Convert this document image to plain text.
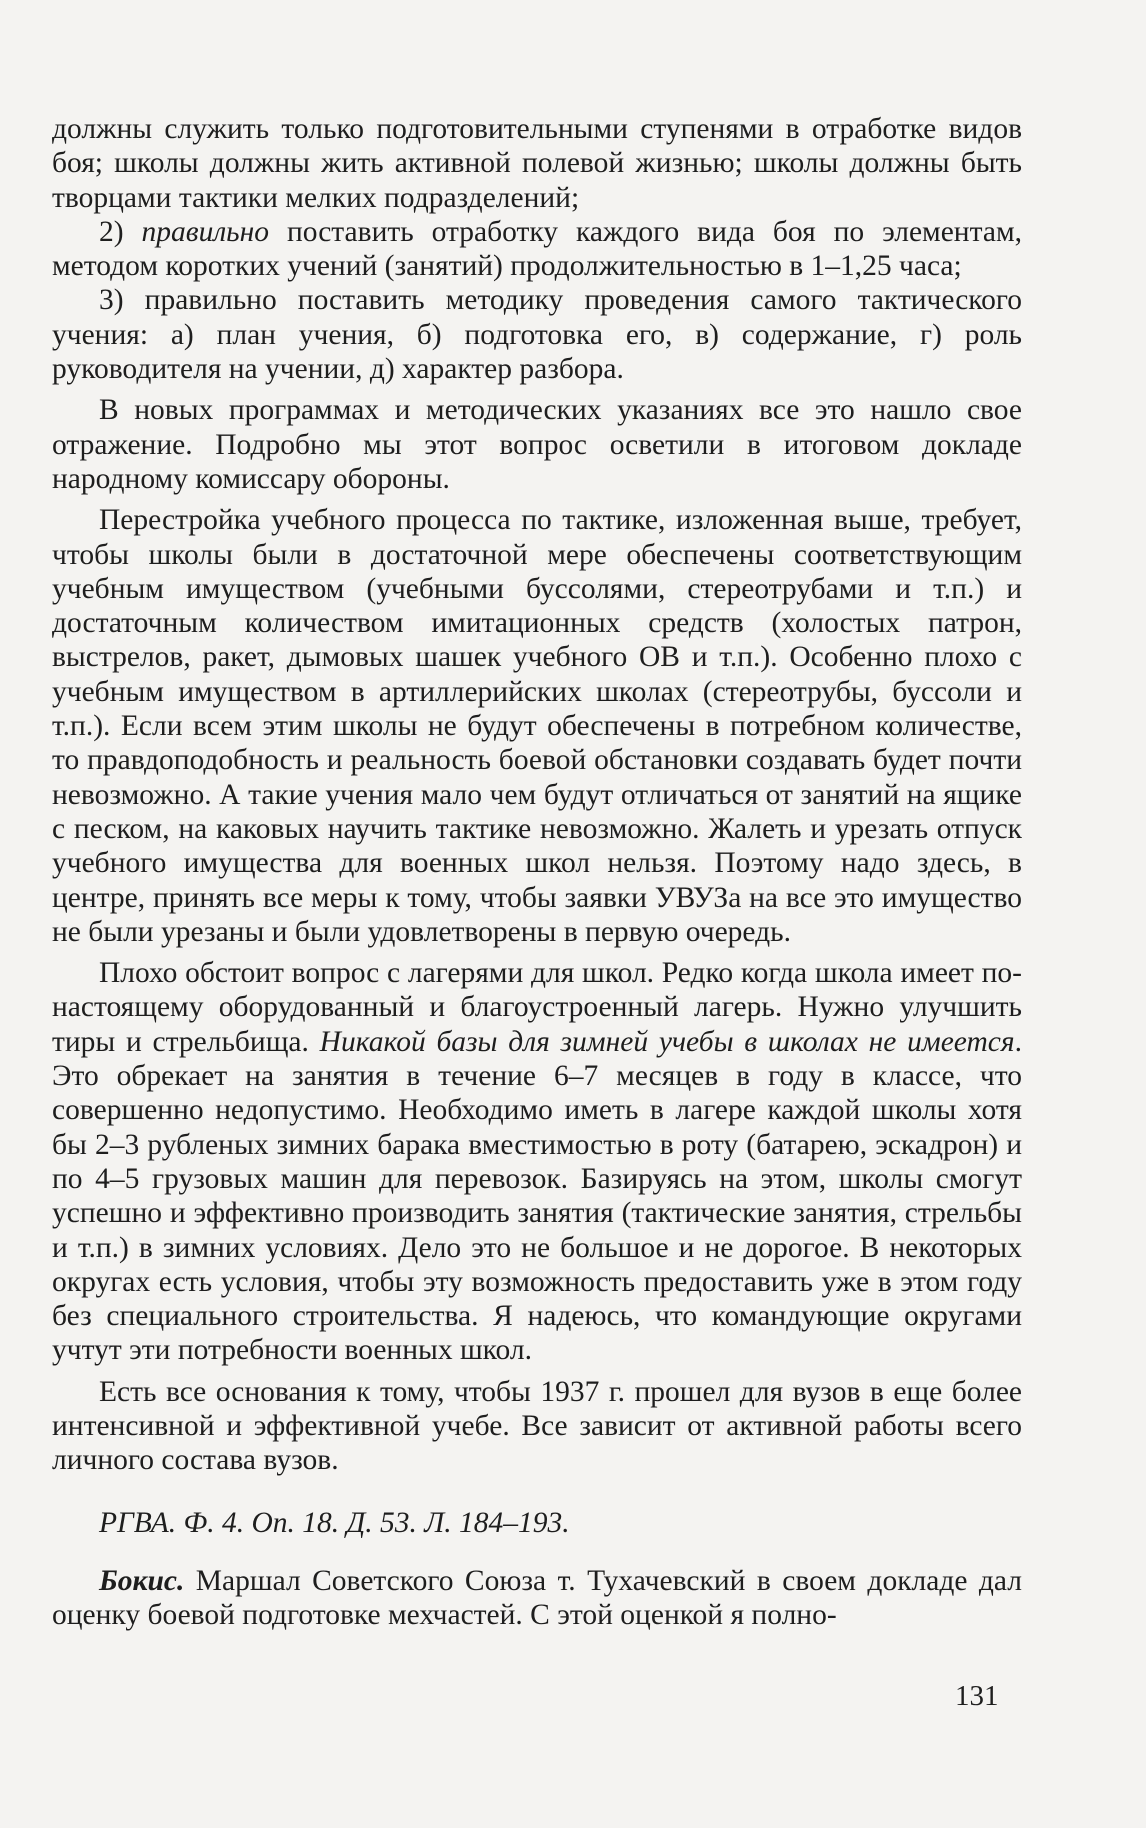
должны служить только подготовительными ступенями в отработке видов боя; школы должны жить активной полевой жизнью; школы должны быть творцами тактики мелких подразделений;

2) правильно поставить отработку каждого вида боя по элементам, методом коротких учений (занятий) продолжительностью в 1–1,25 часа;

3) правильно поставить методику проведения самого тактического учения: а) план учения, б) подготовка его, в) содержание, г) роль руководителя на учении, д) характер разбора.

В новых программах и методических указаниях все это нашло свое отражение. Подробно мы этот вопрос осветили в итоговом докладе народному комиссару обороны.

Перестройка учебного процесса по тактике, изложенная выше, требует, чтобы школы были в достаточной мере обеспечены соответствующим учебным имуществом (учебными буссолями, стереотрубами и т.п.) и достаточным количеством имитационных средств (холостых патрон, выстрелов, ракет, дымовых шашек учебного ОВ и т.п.). Особенно плохо с учебным имуществом в артиллерийских школах (стереотрубы, буссоли и т.п.). Если всем этим школы не будут обеспечены в потребном количестве, то правдоподобность и реальность боевой обстановки создавать будет почти невозможно. А такие учения мало чем будут отличаться от занятий на ящике с песком, на каковых научить тактике невозможно. Жалеть и урезать отпуск учебного имущества для военных школ нельзя. Поэтому надо здесь, в центре, принять все меры к тому, чтобы заявки УВУЗа на все это имущество не были урезаны и были удовлетворены в первую очередь.

Плохо обстоит вопрос с лагерями для школ. Редко когда школа имеет по-настоящему оборудованный и благоустроенный лагерь. Нужно улучшить тиры и стрельбища. Никакой базы для зимней учебы в школах не имеется. Это обрекает на занятия в течение 6–7 месяцев в году в классе, что совершенно недопустимо. Необходимо иметь в лагере каждой школы хотя бы 2–3 рубленых зимних барака вместимостью в роту (батарею, эскадрон) и по 4–5 грузовых машин для перевозок. Базируясь на этом, школы смогут успешно и эффективно производить занятия (тактические занятия, стрельбы и т.п.) в зимних условиях. Дело это не большое и не дорогое. В некоторых округах есть условия, чтобы эту возможность предоставить уже в этом году без специального строительства. Я надеюсь, что командующие округами учтут эти потребности военных школ.

Есть все основания к тому, чтобы 1937 г. прошел для вузов в еще более интенсивной и эффективной учебе. Все зависит от активной работы всего личного состава вузов.

РГВА. Ф. 4. Оп. 18. Д. 53. Л. 184–193.

Бокис. Маршал Советского Союза т. Тухачевский в своем докладе дал оценку боевой подготовке мехчастей. С этой оценкой я полно-

131
